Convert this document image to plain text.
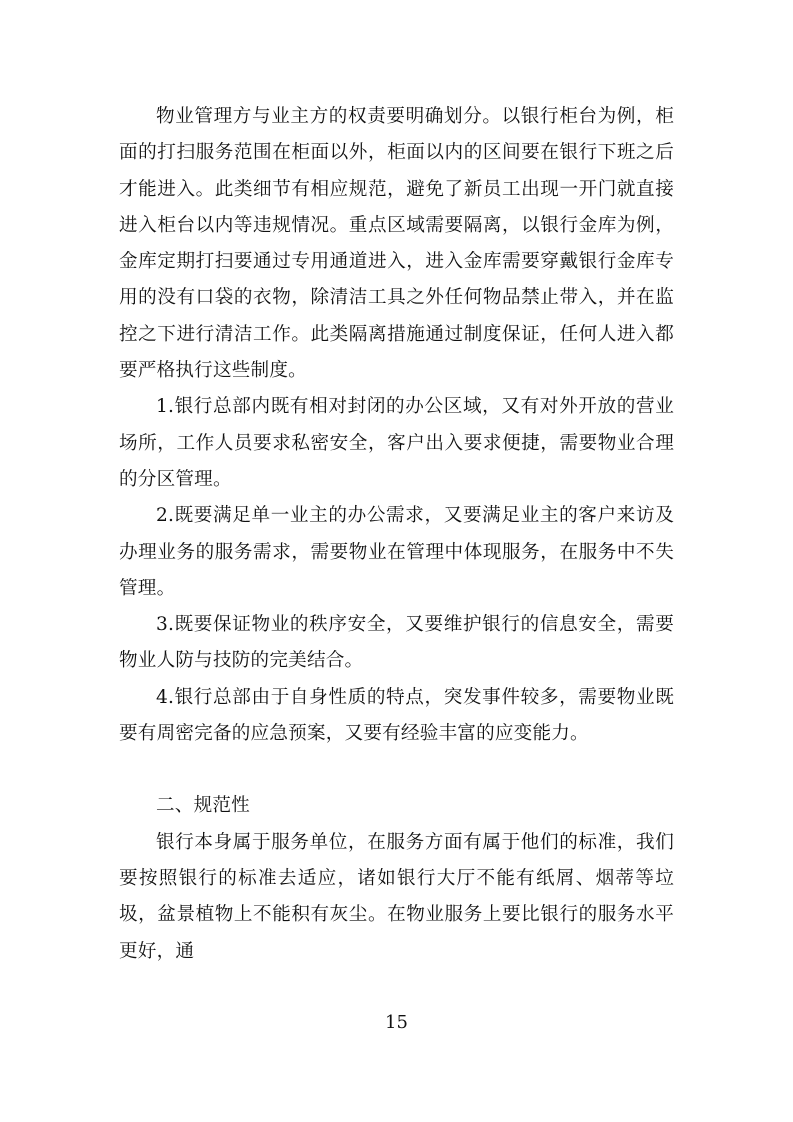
物业管理方与业主方的权责要明确划分。以银行柜台为例，柜面的打扫服务范围在柜面以外，柜面以内的区间要在银行下班之后才能进入。此类细节有相应规范，避免了新员工出现一开门就直接进入柜台以内等违规情况。重点区域需要隔离，以银行金库为例，金库定期打扫要通过专用通道进入，进入金库需要穿戴银行金库专用的没有口袋的衣物，除清洁工具之外任何物品禁止带入，并在监控之下进行清洁工作。此类隔离措施通过制度保证，任何人进入都要严格执行这些制度。

1.银行总部内既有相对封闭的办公区域，又有对外开放的营业场所，工作人员要求私密安全，客户出入要求便捷，需要物业合理的分区管理。

2.既要满足单一业主的办公需求，又要满足业主的客户来访及办理业务的服务需求，需要物业在管理中体现服务，在服务中不失管理。

3.既要保证物业的秩序安全，又要维护银行的信息安全，需要物业人防与技防的完美结合。

4.银行总部由于自身性质的特点，突发事件较多，需要物业既要有周密完备的应急预案，又要有经验丰富的应变能力。

二、规范性

银行本身属于服务单位，在服务方面有属于他们的标准，我们要按照银行的标准去适应，诸如银行大厅不能有纸屑、烟蒂等垃圾，盆景植物上不能积有灰尘。在物业服务上要比银行的服务水平更好，通

15
